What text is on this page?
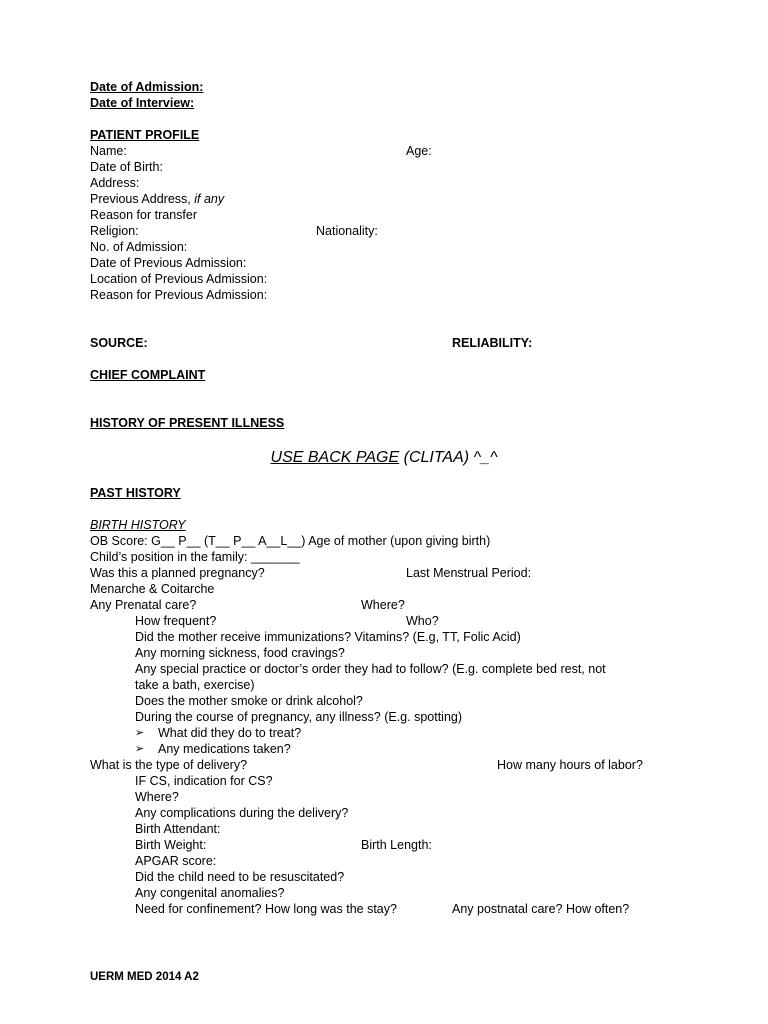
Date of Admission:
Date of Interview:
PATIENT PROFILE
Name:	Age:
Date of Birth:
Address:
Previous Address, if any
Reason for transfer
Religion:	Nationality:
No. of Admission:
Date of Previous Admission:
Location of Previous Admission:
Reason for Previous Admission:
SOURCE:	RELIABILITY:
CHIEF COMPLAINT
HISTORY OF PRESENT ILLNESS
USE BACK PAGE (CLITAA) ^_^
PAST HISTORY
BIRTH HISTORY
OB Score: G__ P__ (T__ P__ A__L__) Age of mother (upon giving birth)
Child’s position in the family: _______
Was this a planned pregnancy?	Last Menstrual Period:
Menarche & Coitarche
Any Prenatal care?	Where?
How frequent?	Who?
Did the mother receive immunizations? Vitamins? (E.g, TT, Folic Acid)
Any morning sickness, food cravings?
Any special practice or doctor’s order they had to follow? (E.g. complete bed rest, not
take a bath, exercise)
Does the mother smoke or drink alcohol?
During the course of pregnancy, any illness? (E.g. spotting)
➢ What did they do to treat?
➢ Any medications taken?
What is the type of delivery?	How many hours of labor?
IF CS, indication for CS?
Where?
Any complications during the delivery?
Birth Attendant:
Birth Weight:	Birth Length:
APGAR score:
Did the child need to be resuscitated?
Any congenital anomalies?
Need for confinement? How long was the stay?	Any postnatal care? How often?
UERM MED 2014 A2
